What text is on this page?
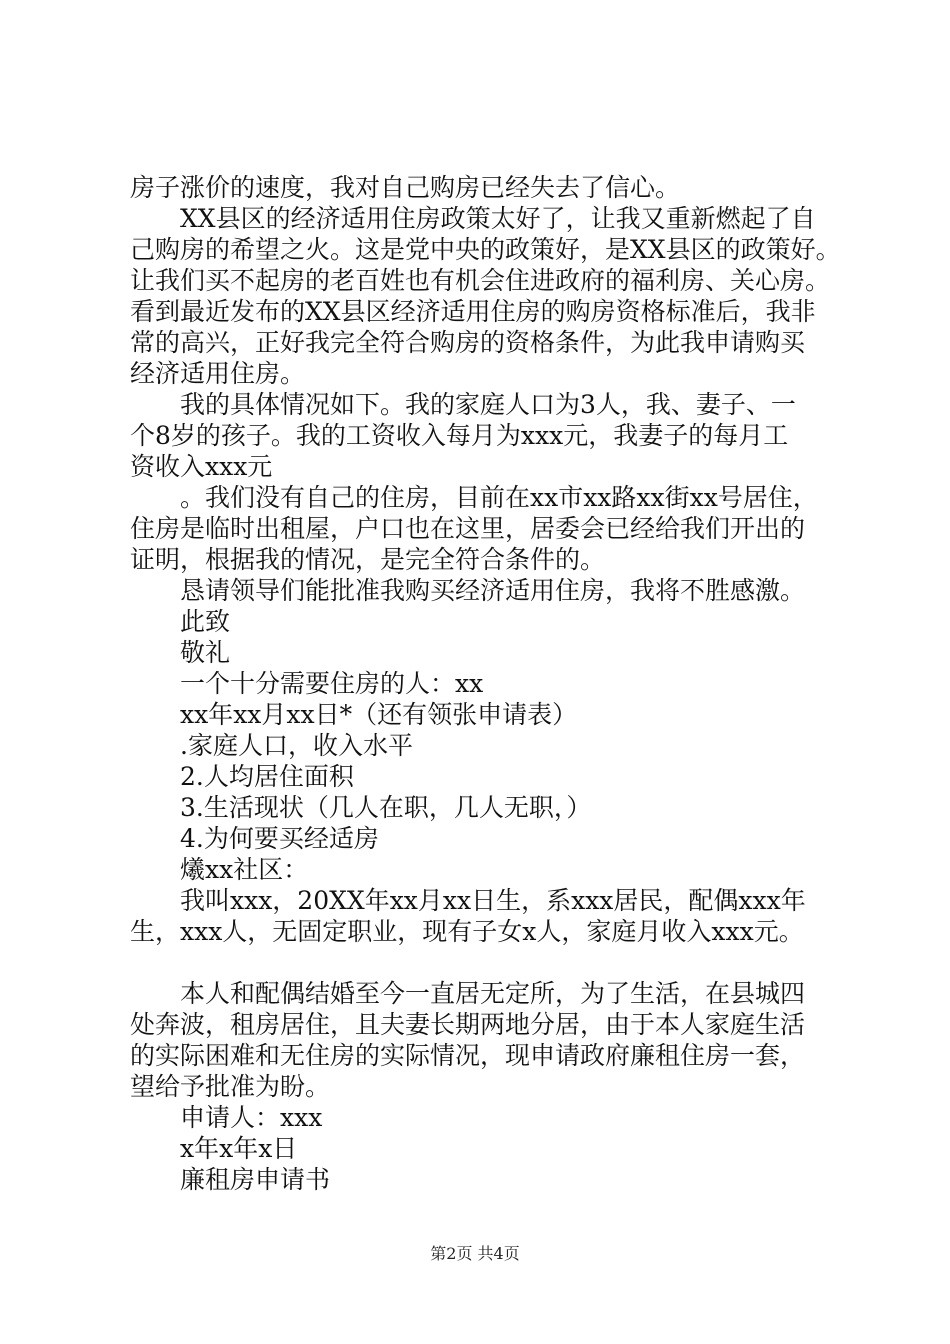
房子涨价的速度，我对自己购房已经失去了信心。
XX县区的经济适用住房政策太好了，让我又重新燃起了自
己购房的希望之火。这是党中央的政策好，是XX县区的政策好。
让我们买不起房的老百姓也有机会住进政府的福利房、关心房。
看到最近发布的XX县区经济适用住房的购房资格标准后，我非
常的高兴，正好我完全符合购房的资格条件，为此我申请购买
经济适用住房。
我的具体情况如下。我的家庭人口为3人，我、妻子、一
个8岁的孩子。我的工资收入每月为xxx元，我妻子的每月工
资收入xxx元
。我们没有自己的住房，目前在xx市xx路xx街xx号居住，
住房是临时出租屋，户口也在这里，居委会已经给我们开出的
证明，根据我的情况，是完全符合条件的。
恳请领导们能批准我购买经济适用住房，我将不胜感激。
此致
敬礼
一个十分需要住房的人：xx
xx年xx月xx日*（还有领张申请表）
.家庭人口，收入水平
2.人均居住面积
3.生活现状（几人在职，几人无职，）
4.为何要买经适房
爔xx社区：
我叫xxx，20XX年xx月xx日生，系xxx居民，配偶xxx年
生，xxx人，无固定职业，现有子女x人，家庭月收入xxx元。
本人和配偶结婚至今一直居无定所，为了生活，在县城四
处奔波，租房居住，且夫妻长期两地分居，由于本人家庭生活
的实际困难和无住房的实际情况，现申请政府廉租住房一套，
望给予批准为盼。
申请人：xxx
x年x年x日
廉租房申请书
第2页 共4页
